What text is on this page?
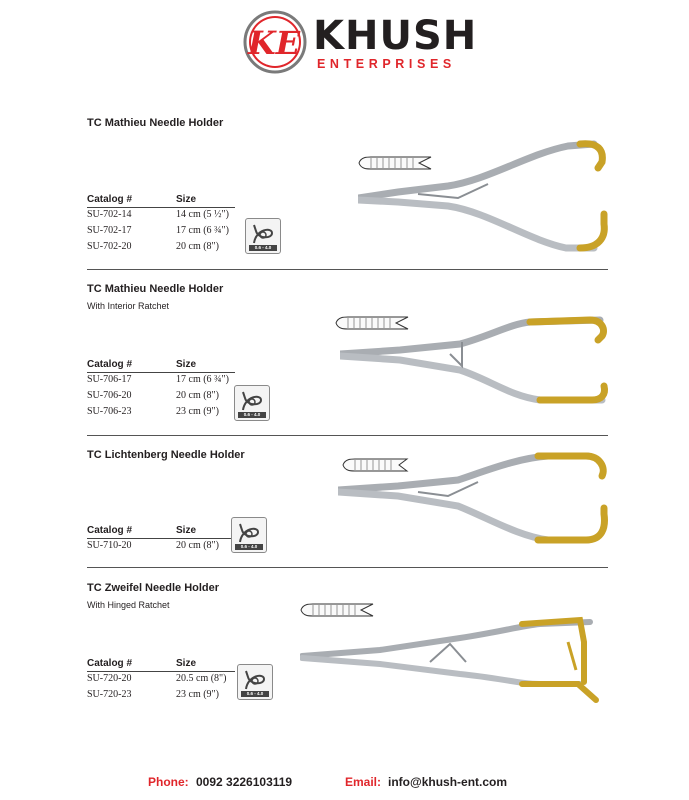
KE KHUSH
ENTERPRISES
TC Mathieu Needle Holder
Catalog #	Size
SU-702-14	14 cm (5 ½")
SU-702-17	17 cm (6 ¾")
SU-702-20	20 cm (8")	0.6 - 4.0
TC Mathieu Needle Holder
With Interior Ratchet
Catalog #	Size
SU-706-17	17 cm (6 ¾")
SU-706-20	20 cm (8")
SU-706-23	23 cm (9")	0.6 - 4.0
TC Lichtenberg Needle Holder
Catalog #	Size
SU-710-20	20 cm (8")	0.6 - 4.0
TC Zweifel Needle Holder
With Hinged Ratchet
Catalog #	Size
SU-720-20	20.5 cm (8")
SU-720-23	23 cm (9")	0.6 - 4.0
Phone: 0092 3226103119	Email: info@khush-ent.com
